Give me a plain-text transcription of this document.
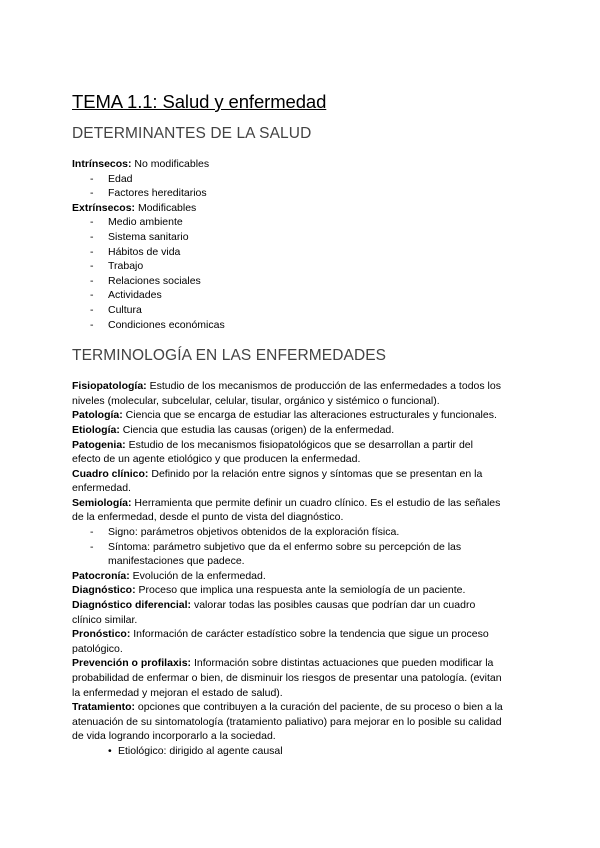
TEMA 1.1: Salud y enfermedad
DETERMINANTES DE LA SALUD

Intrínsecos: No modificables

- Edad
- Factores hereditarios

Extrínsecos: Modificables

- Medio ambiente
- Sistema sanitario
- Hábitos de vida
- Trabajo
- Relaciones sociales
- Actividades
- Cultura
- Condiciones económicas
TERMINOLOGÍA EN LAS ENFERMEDADES

Fisiopatología: Estudio de los mecanismos de producción de las enfermedades a todos los

niveles (molecular, subcelular, celular, tisular, orgánico y sistémico o funcional).

Patología: Ciencia que se encarga de estudiar las alteraciones estructurales y funcionales.

Etiología: Ciencia que estudia las causas (origen) de la enfermedad.

Patogenia: Estudio de los mecanismos fisiopatológicos que se desarrollan a partir del

efecto de un agente etiológico y que producen la enfermedad.

Cuadro clínico: Definido por la relación entre signos y síntomas que se presentan en la

enfermedad.

Semiología: Herramienta que permite definir un cuadro clínico. Es el estudio de las señales

de la enfermedad, desde el punto de vista del diagnóstico.

- Signo: parámetros objetivos obtenidos de la exploración física.
- Síntoma: parámetro subjetivo que da el enfermo sobre su percepción de las
manifestaciones que padece.

Patocronía: Evolución de la enfermedad.

Diagnóstico: Proceso que implica una respuesta ante la semiología de un paciente.

Diagnóstico diferencial: valorar todas las posibles causas que podrían dar un cuadro

clínico similar.

Pronóstico: Información de carácter estadístico sobre la tendencia que sigue un proceso

patológico.

Prevención o profilaxis: Información sobre distintas actuaciones que pueden modificar la

probabilidad de enfermar o bien, de disminuir los riesgos de presentar una patología. (evitan

la enfermedad y mejoran el estado de salud).

Tratamiento: opciones que contribuyen a la curación del paciente, de su proceso o bien a la

atenuación de su sintomatología (tratamiento paliativo) para mejorar en lo posible su calidad

de vida logrando incorporarlo a la sociedad.

• Etiológico: dirigido al agente causal
